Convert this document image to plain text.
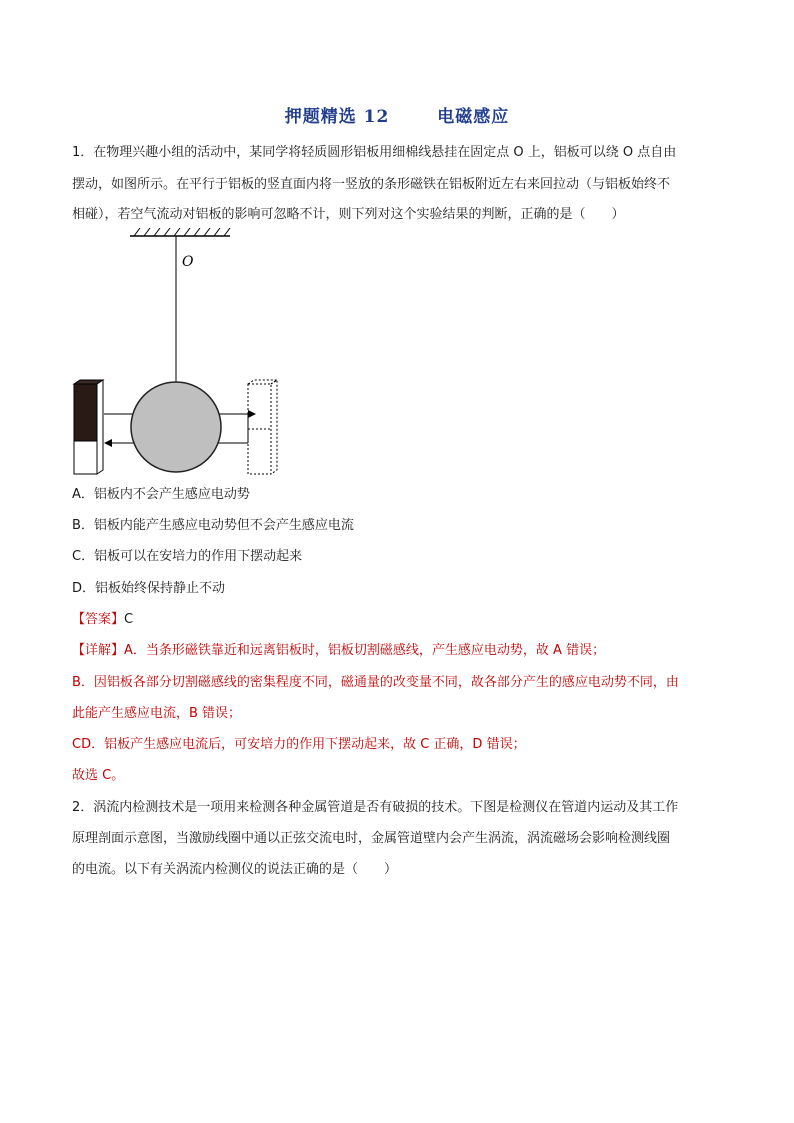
押题精选 12	电磁感应
1．在物理兴趣小组的活动中，某同学将轻质圆形铝板用细棉线悬挂在固定点 O 上，铝板可以绕 O 点自由
摆动，如图所示。在平行于铝板的竖直面内将一竖放的条形磁铁在铝板附近左右来回拉动（与铝板始终不
相碰），若空气流动对铝板的影响可忽略不计，则下列对这个实验结果的判断，正确的是（　　）
O
A．铝板内不会产生感应电动势
B．铝板内能产生感应电动势但不会产生感应电流
C．铝板可以在安培力的作用下摆动起来
D．铝板始终保持静止不动
【答案】C
【详解】A．当条形磁铁靠近和远离铝板时，铝板切割磁感线，产生感应电动势，故 A 错误；
B．因铝板各部分切割磁感线的密集程度不同，磁通量的改变量不同，故各部分产生的感应电动势不同，由
此能产生感应电流，B 错误；
CD．铝板产生感应电流后，可安培力的作用下摆动起来，故 C 正确，D 错误；
故选 C。
2．涡流内检测技术是一项用来检测各种金属管道是否有破损的技术。下图是检测仪在管道内运动及其工作
原理剖面示意图，当激励线圈中通以正弦交流电时，金属管道壁内会产生涡流，涡流磁场会影响检测线圈
的电流。以下有关涡流内检测仪的说法正确的是（　　）
